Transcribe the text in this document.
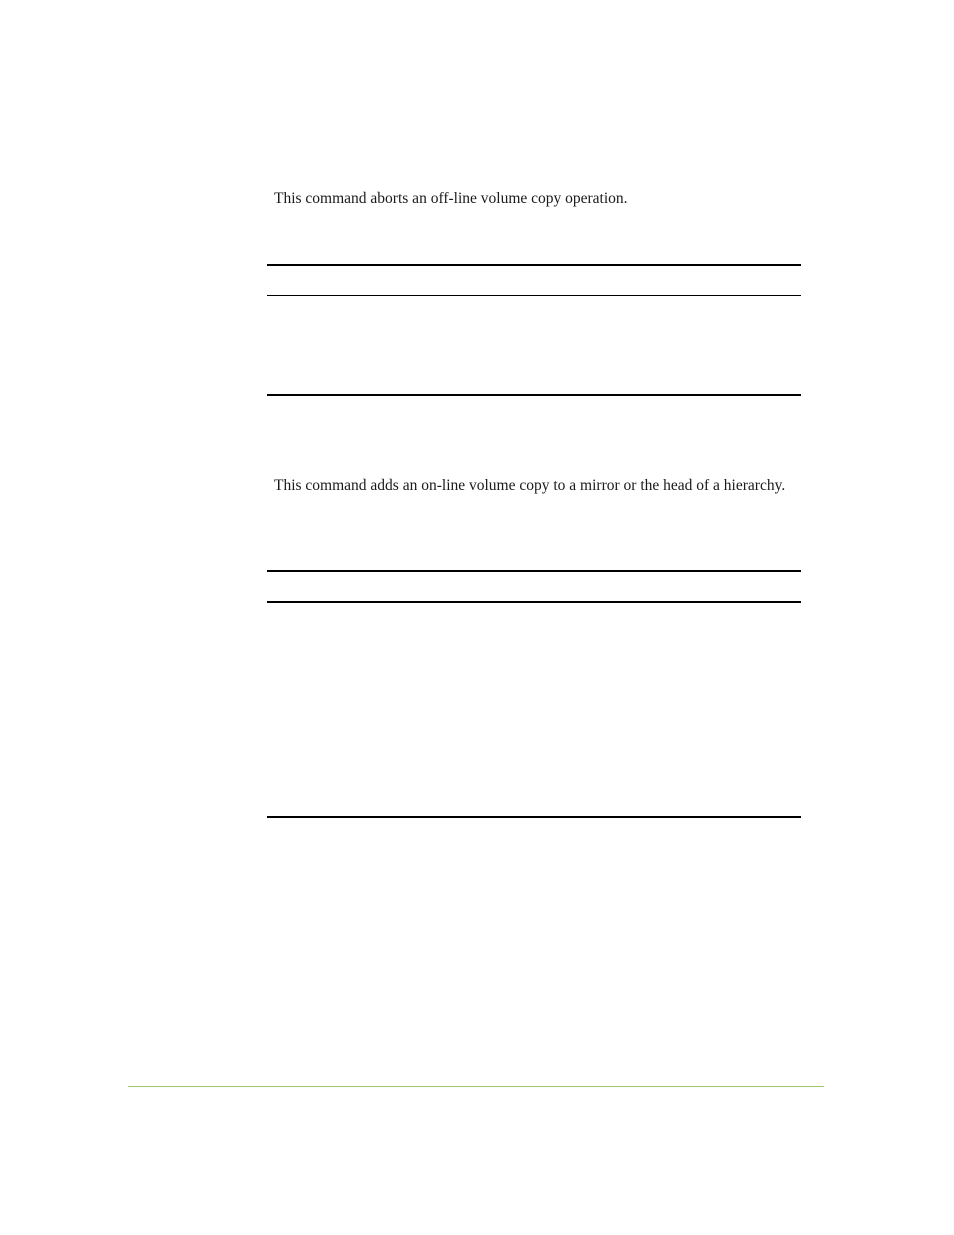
This command aborts an off-line volume copy operation.

This command adds an on-line volume copy to a mirror or the head of a hierarchy.
